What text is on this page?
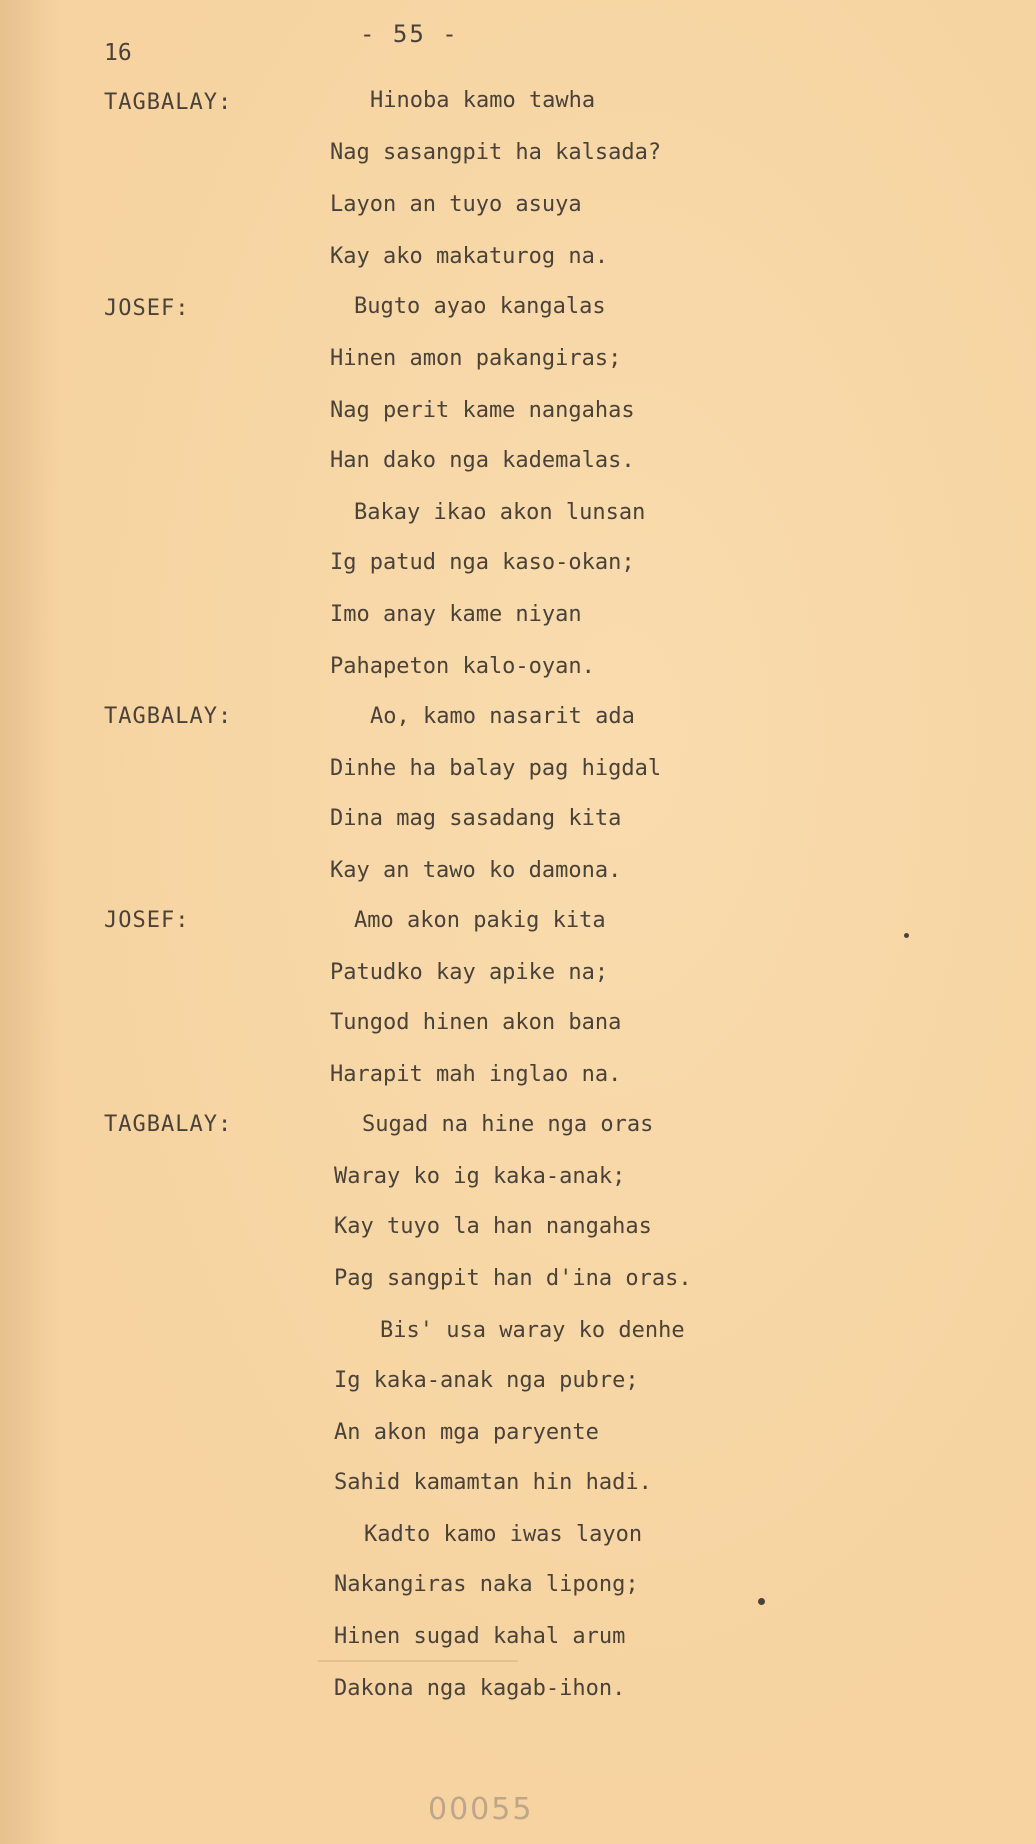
- 55 -
16
TAGBALAY:
JOSEF:
TAGBALAY:
JOSEF:
TAGBALAY:
Hinoba kamo tawha
Nag sasangpit ha kalsada?
Layon an tuyo asuya
Kay ako makaturog na.
Bugto ayao kangalas
Hinen amon pakangiras;
Nag perit kame nangahas
Han dako nga kademalas.
Bakay ikao akon lunsan
Ig patud nga kaso-okan;
Imo anay kame niyan
Pahapeton kalo-oyan.
Ao, kamo nasarit ada
Dinhe ha balay pag higdal
Dina mag sasadang kita
Kay an tawo ko damona.
Amo akon pakig kita
Patudko kay apike na;
Tungod hinen akon bana
Harapit mah inglao na.
Sugad na hine nga oras
Waray ko ig kaka-anak;
Kay tuyo la han nangahas
Pag sangpit han d'ina oras.
Bis' usa waray ko denhe
Ig kaka-anak nga pubre;
An akon mga paryente
Sahid kamamtan hin hadi.
Kadto kamo iwas layon
Nakangiras naka lipong;
Hinen sugad kahal arum
Dakona nga kagab-ihon.
00055
